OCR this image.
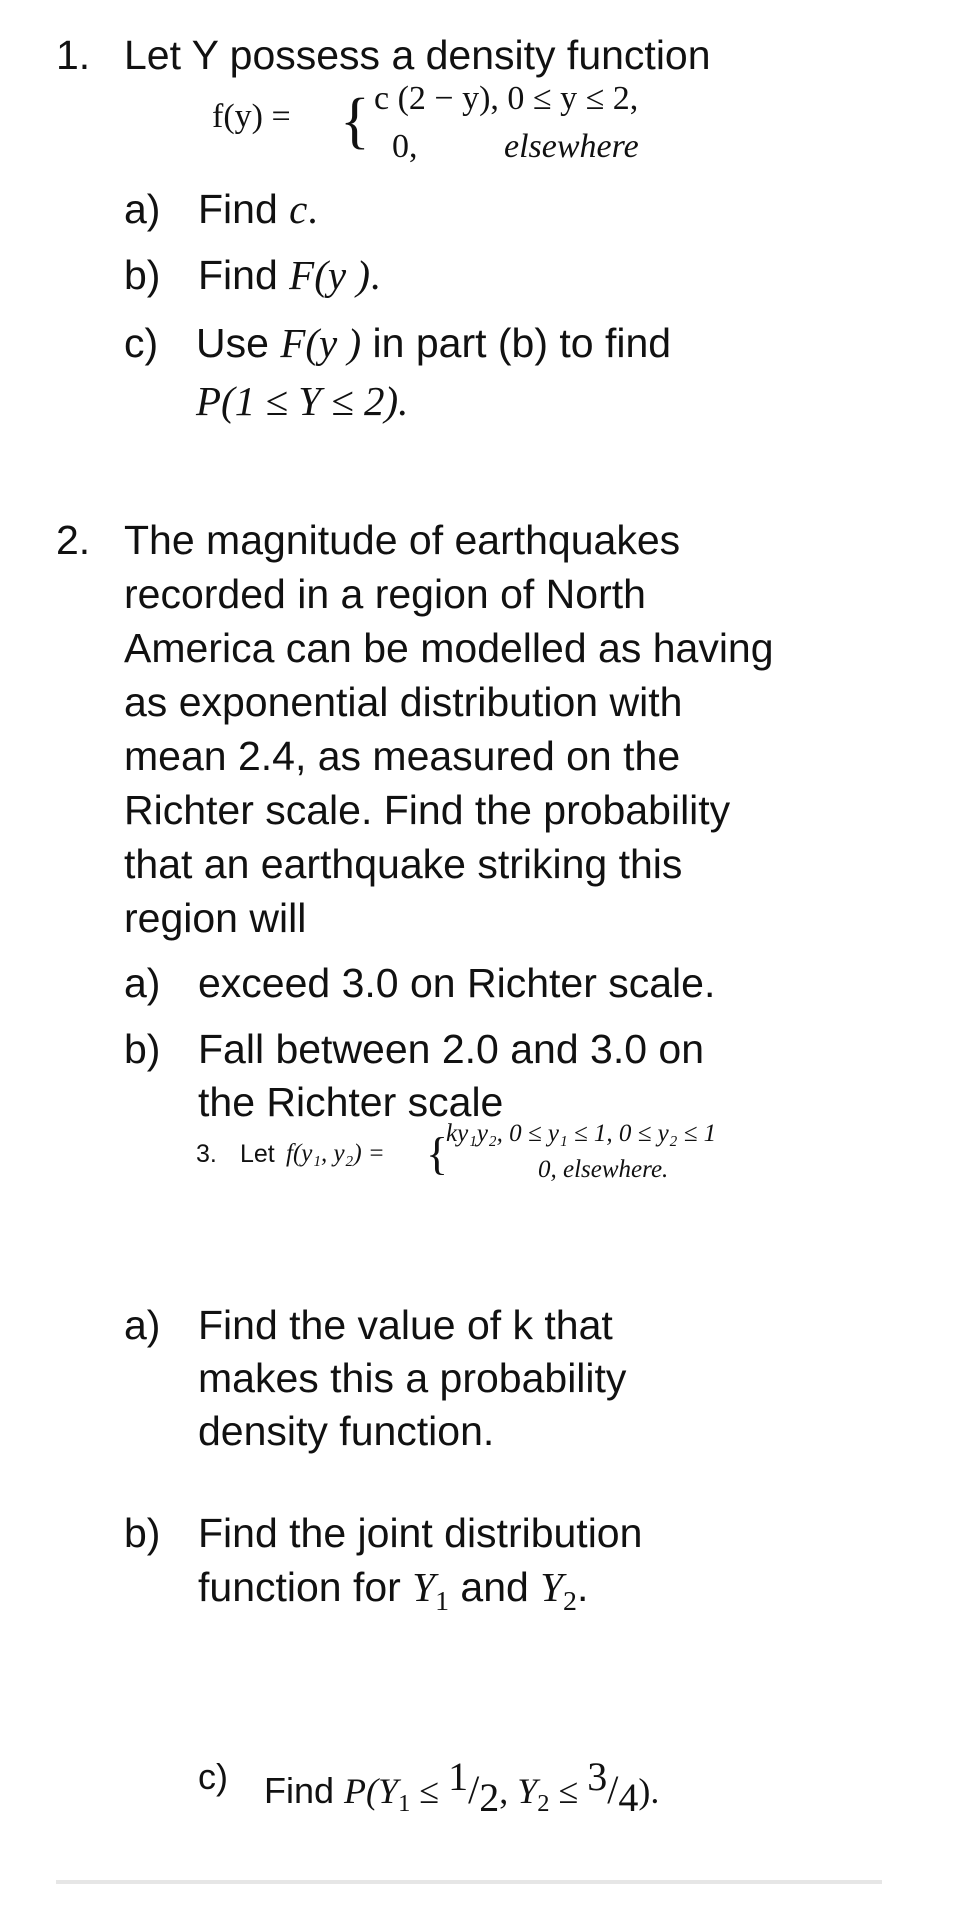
1. Let Y possess a density function
f(y) = { c (2 − y), 0 ≤ y ≤ 2,
0,	elsewhere
a) Find c.
b) Find F(y ).
c) Use F(y ) in part (b) to find
P(1 ≤ Y ≤ 2).
2. The magnitude of earthquakes
recorded in a region of North
America can be modelled as having
as exponential distribution with
mean 2.4, as measured on the
Richter scale. Find the probability
that an earthquake striking this
region will
a) exceed 3.0 on Richter scale.
b) Fall between 2.0 and 3.0 on
the Richter scale
3. Let f(y₁, y₂) = {
ky₁y₂, 0 ≤ y₁ ≤ 1, 0 ≤ y₂ ≤ 1
0, elsewhere.
a) Find the value of k that
makes this a probability
density function.
b) Find the joint distribution
function for $Y_1$ and $Y_2$.
c) Find $P(Y_1 \le ^1/_2$, $Y_2 \le ^3/_4$).
